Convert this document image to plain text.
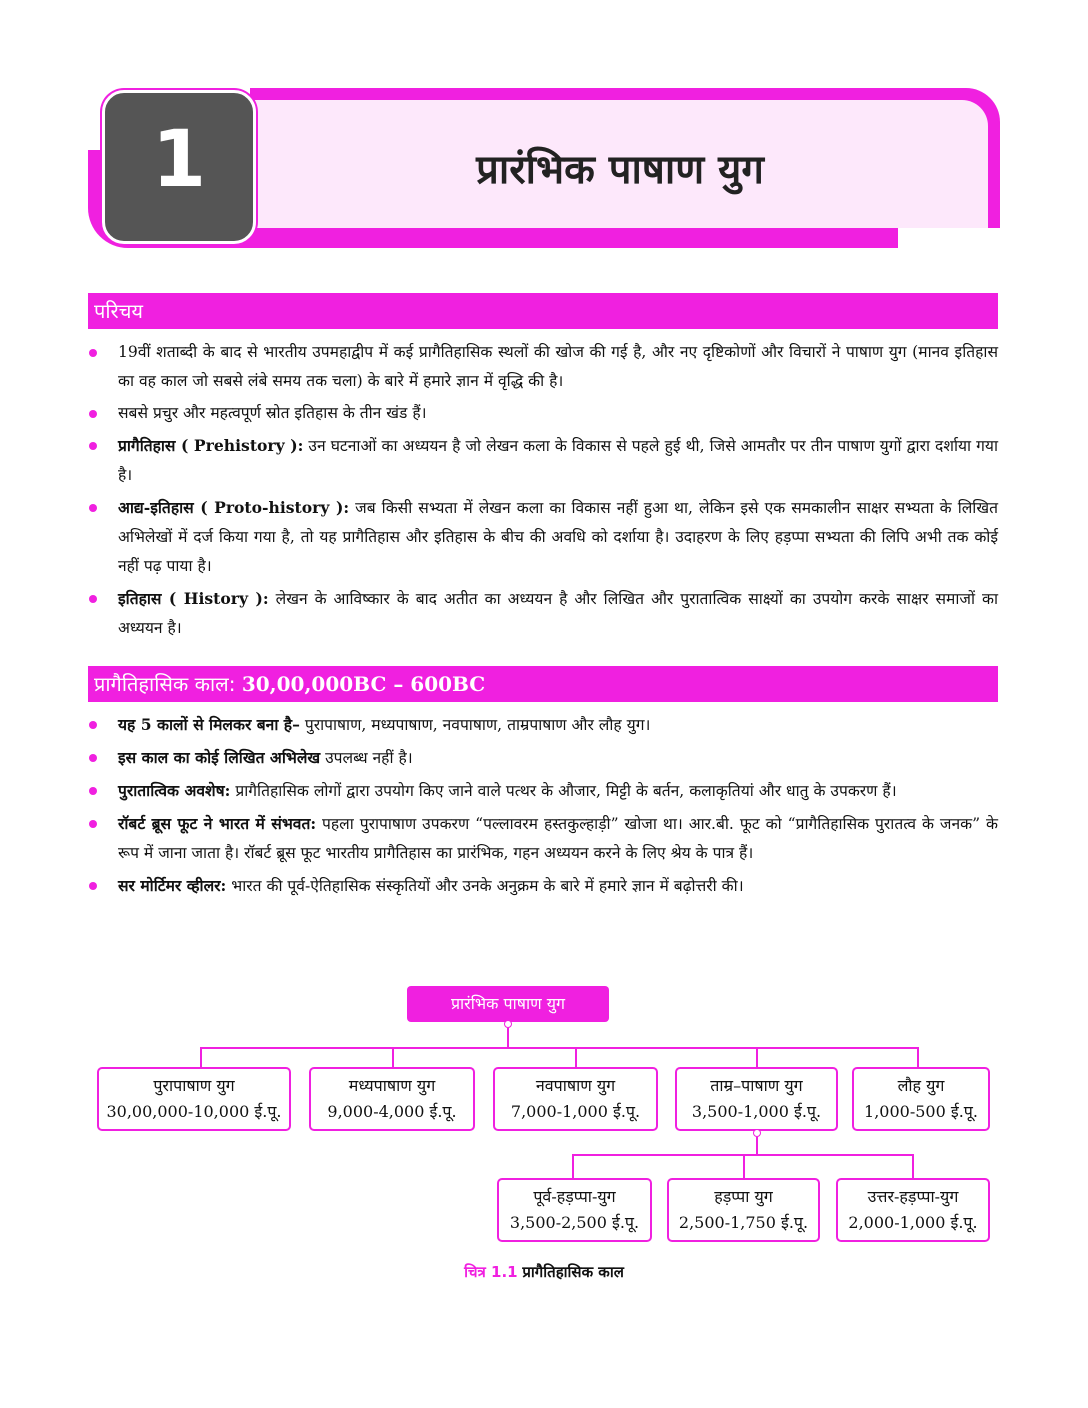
1	प्रारंभिक पाषाण युग
परिचय
19वीं शताब्दी के बाद से भारतीय उपमहाद्वीप में कई प्रागैतिहासिक स्थलों की खोज की गई है, और नए दृष्टिकोणों और विचारों ने पाषाण युग (मानव इतिहास का वह काल जो सबसे लंबे समय तक चला) के बारे में हमारे ज्ञान में वृद्धि की है।
सबसे प्रचुर और महत्वपूर्ण स्रोत इतिहास के तीन खंड हैं।
प्रागैतिहास ( Prehistory ): उन घटनाओं का अध्ययन है जो लेखन कला के विकास से पहले हुई थी, जिसे आमतौर पर तीन पाषाण युगों द्वारा दर्शाया गया है।
आद्य-इतिहास ( Proto-history ): जब किसी सभ्यता में लेखन कला का विकास नहीं हुआ था, लेकिन इसे एक समकालीन साक्षर सभ्यता के लिखित अभिलेखों में दर्ज किया गया है, तो यह प्रागैतिहास और इतिहास के बीच की अवधि को दर्शाया है। उदाहरण के लिए हड़प्पा सभ्यता की लिपि अभी तक कोई नहीं पढ़ पाया है।
इतिहास ( History ): लेखन के आविष्कार के बाद अतीत का अध्ययन है और लिखित और पुरातात्विक साक्ष्यों का उपयोग करके साक्षर समाजों का अध्ययन है।
प्रागैतिहासिक काल: 30,00,000BC – 600BC
यह 5 कालों से मिलकर बना है– पुरापाषाण, मध्यपाषाण, नवपाषाण, ताम्रपाषाण और लौह युग।
इस काल का कोई लिखित अभिलेख उपलब्ध नहीं है।
पुरातात्विक अवशेष: प्रागैतिहासिक लोगों द्वारा उपयोग किए जाने वाले पत्थर के औजार, मिट्टी के बर्तन, कलाकृतियां और धातु के उपकरण हैं।
रॉबर्ट ब्रूस फूट ने भारत में संभवत: पहला पुरापाषाण उपकरण “पल्लावरम हस्तकुल्हाड़ी” खोजा था। आर.बी. फूट को “प्रागैतिहासिक पुरातत्व के जनक” के रूप में जाना जाता है। रॉबर्ट ब्रूस फूट भारतीय प्रागैतिहास का प्रारंभिक, गहन अध्ययन करने के लिए श्रेय के पात्र हैं।
सर मोर्टिमर व्हीलर: भारत की पूर्व-ऐतिहासिक संस्कृतियों और उनके अनुक्रम के बारे में हमारे ज्ञान में बढ़ोत्तरी की।
प्रारंभिक पाषाण युग
पुरापाषाण युग
30,00,000-10,000 ई.पू.
मध्यपाषाण युग
9,000-4,000 ई.पू.
नवपाषाण युग
7,000-1,000 ई.पू.
ताम्र–पाषाण युग
3,500-1,000 ई.पू.
लौह युग
1,000-500 ई.पू.
पूर्व-हड़प्पा-युग
3,500-2,500 ई.पू.
हड़प्पा युग
2,500-1,750 ई.पू.
उत्तर-हड़प्पा-युग
2,000-1,000 ई.पू.
चित्र 1.1 प्रागैतिहासिक काल
